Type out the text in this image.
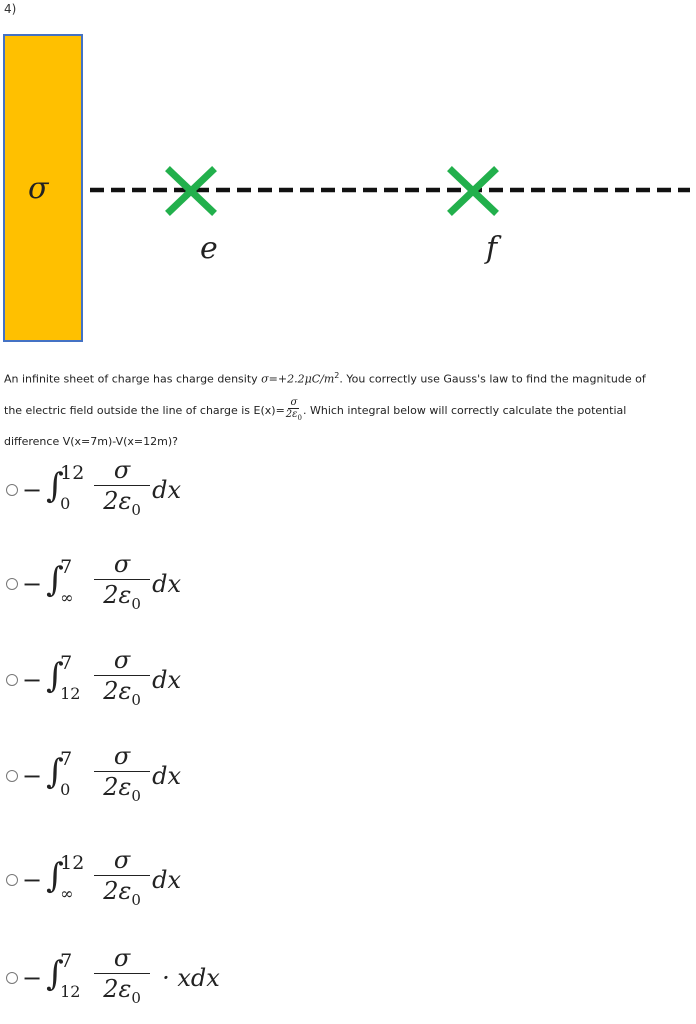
4)
σ
e	f
An infinite sheet of charge has charge density $\sigma=+2.2\mu C/m^2$. You correctly use Gauss's law to find the magnitude of
the electric field outside the line of charge is $E(x)= \frac{\sigma}{2\varepsilon_0}$ . Which integral below will correctly calculate the potential
difference V(x=7m)-V(x=12m)?
− ∫
12
$0 \frac{\sigma}{2\varepsilon_0}$ dx
− ∫
7
∞ $\frac{\sigma}{2\varepsilon_0}$ dx
− ∫
7
$12 \frac{\sigma}{2\varepsilon_0}$ dx
− ∫
7
$0 \frac{\sigma}{2\varepsilon_0}$ dx
− ∫
12
∞ $\frac{\sigma}{2\varepsilon_0}$ dx
− ∫
7
$12 \frac{\sigma}{2\varepsilon_0}$ · xdx
